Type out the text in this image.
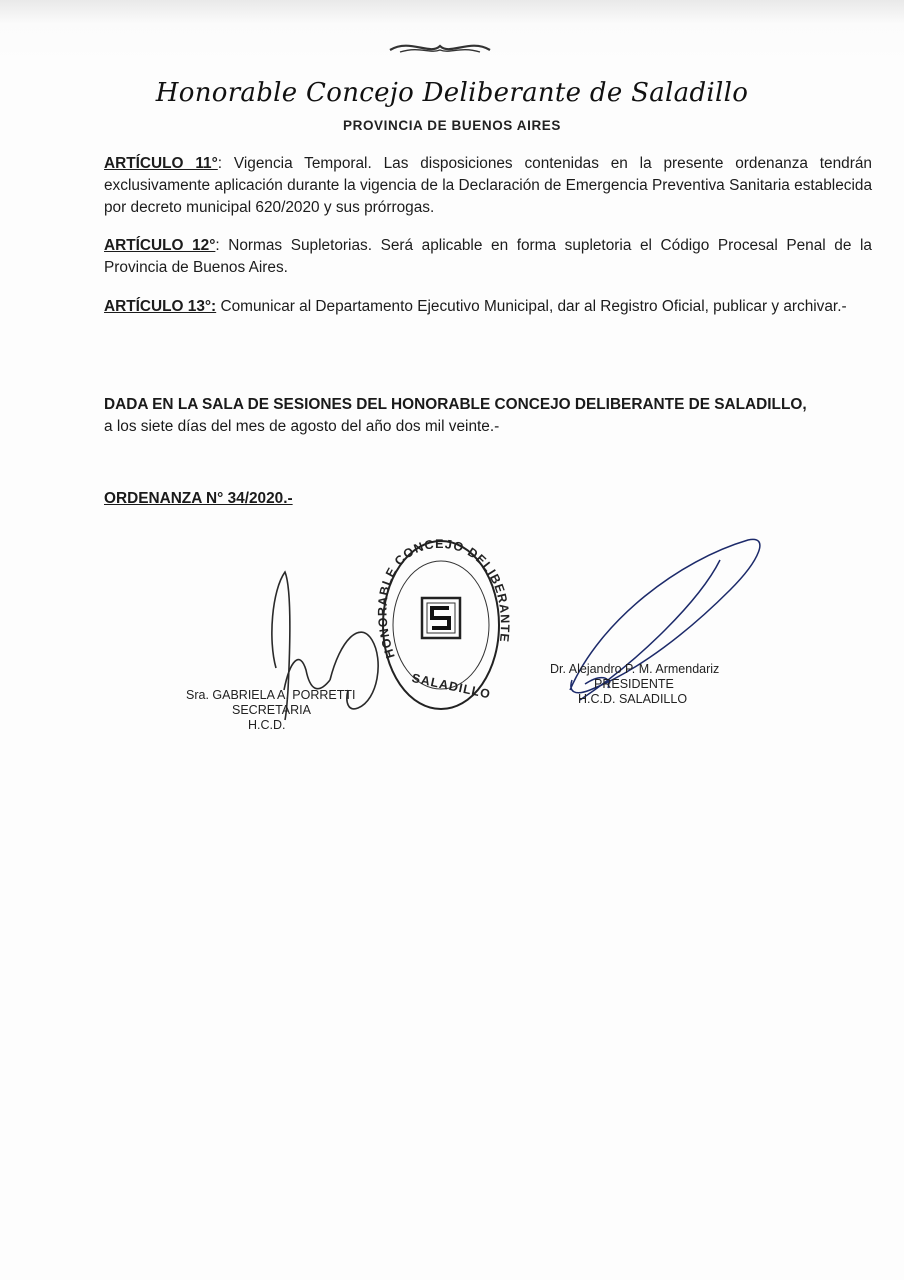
Honorable Concejo Deliberante de Saladillo
PROVINCIA DE BUENOS AIRES
ARTÍCULO 11°: Vigencia Temporal. Las disposiciones contenidas en la presente ordenanza tendrán exclusivamente aplicación durante la vigencia de la Declaración de Emergencia Preventiva Sanitaria establecida por decreto municipal 620/2020 y sus prórrogas.
ARTÍCULO 12°: Normas Supletorias. Será aplicable en forma supletoria el Código Procesal Penal de la Provincia de Buenos Aires.
ARTÍCULO 13°: Comunicar al Departamento Ejecutivo Municipal, dar al Registro Oficial, publicar y archivar.-
DADA EN LA SALA DE SESIONES DEL HONORABLE CONCEJO DELIBERANTE DE SALADILLO,
a los siete días del mes de agosto del año dos mil veinte.-
ORDENANZA N° 34/2020.-
HONORABLE CONCEJO DELIBERANTE
SALADILLO
Sra. GABRIELA A. PORRETTI
SECRETARIA
H.C.D.
Dr. Alejandro P. M. Armendariz
PRESIDENTE
H.C.D. SALADILLO
